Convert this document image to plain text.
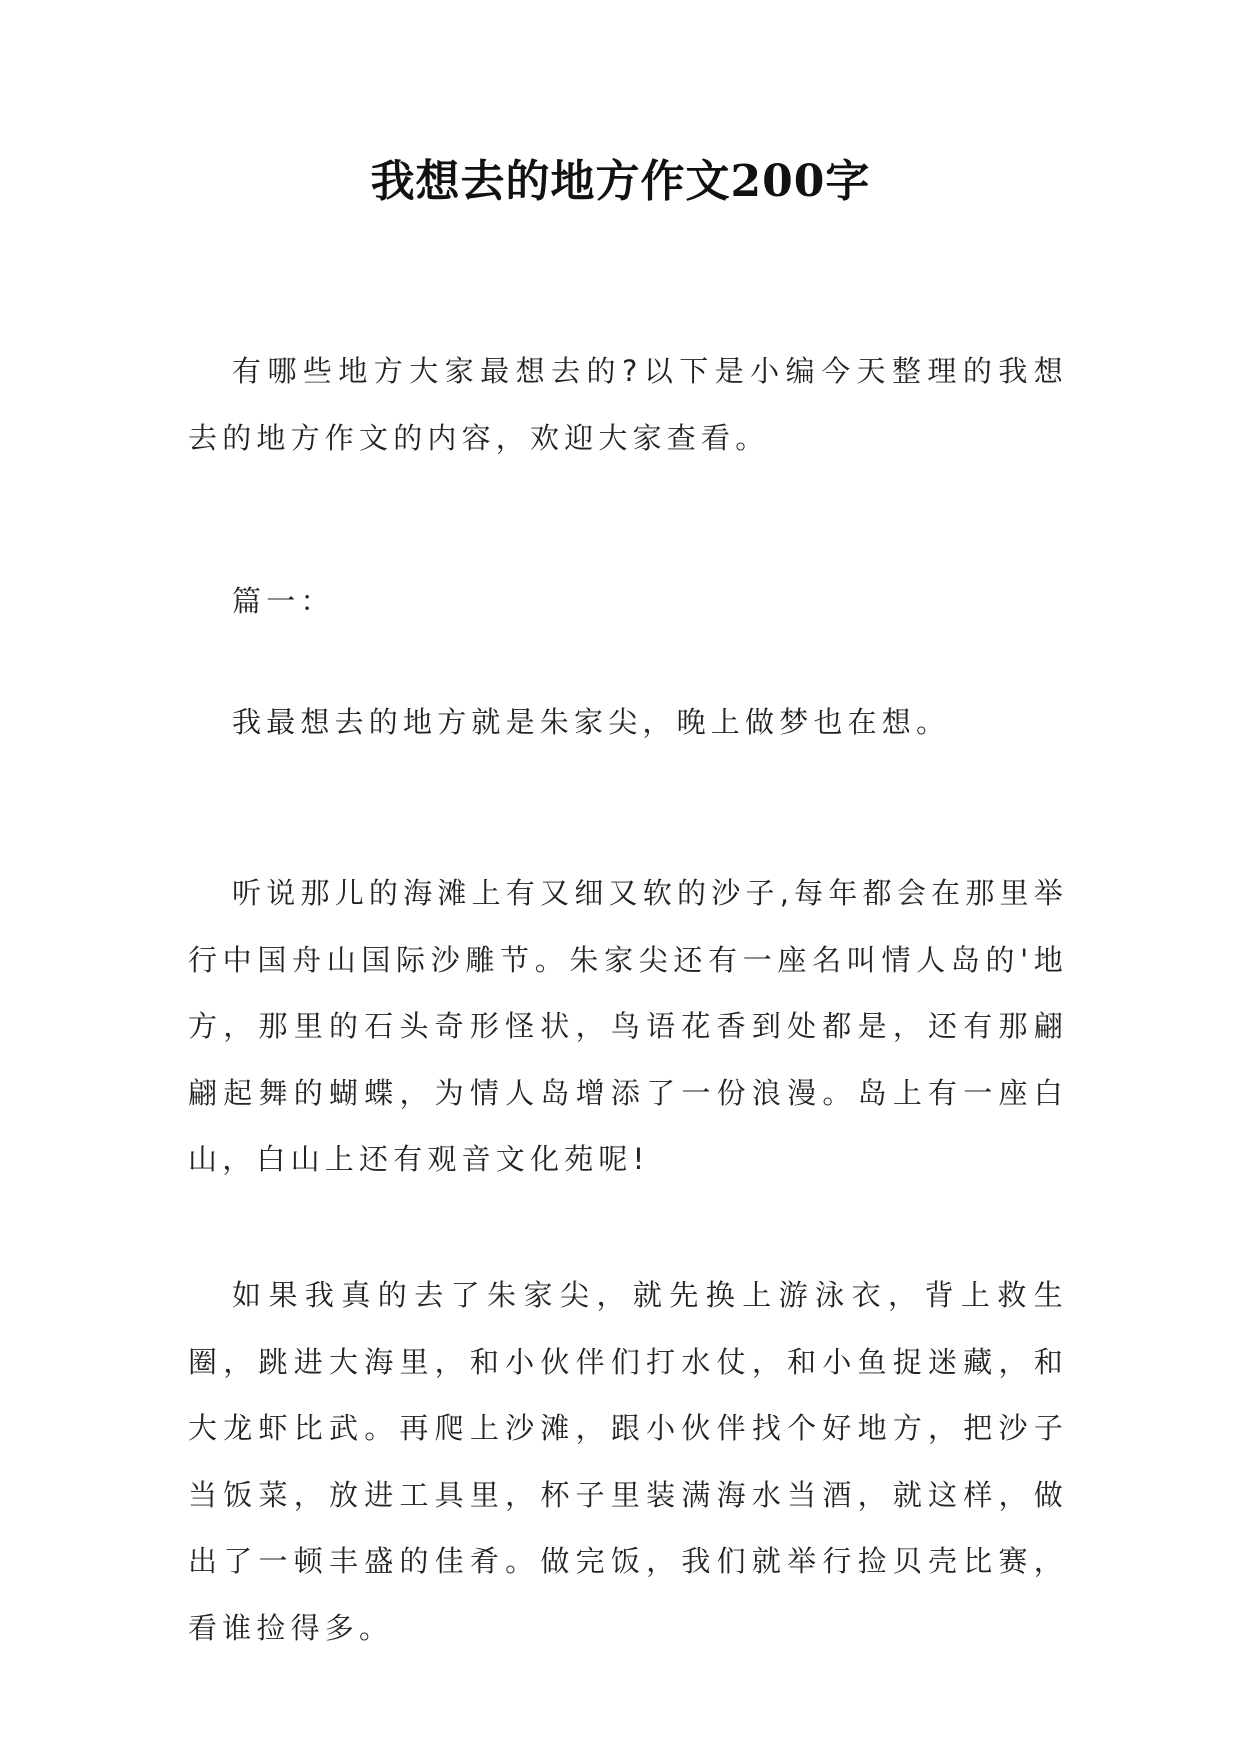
我想去的地方作文200字

有哪些地方大家最想去的?以下是小编今天整理的我想去的地方作文的内容，欢迎大家查看。

篇一：

我最想去的地方就是朱家尖，晚上做梦也在想。

听说那儿的海滩上有又细又软的沙子,每年都会在那里举行中国舟山国际沙雕节。朱家尖还有一座名叫情人岛的'地方，那里的石头奇形怪状，鸟语花香到处都是，还有那翩翩起舞的蝴蝶，为情人岛增添了一份浪漫。岛上有一座白山，白山上还有观音文化苑呢!

如果我真的去了朱家尖，就先换上游泳衣，背上救生圈，跳进大海里，和小伙伴们打水仗，和小鱼捉迷藏，和大龙虾比武。再爬上沙滩，跟小伙伴找个好地方，把沙子当饭菜，放进工具里，杯子里装满海水当酒，就这样，做出了一顿丰盛的佳肴。做完饭，我们就举行捡贝壳比赛，看谁捡得多。
